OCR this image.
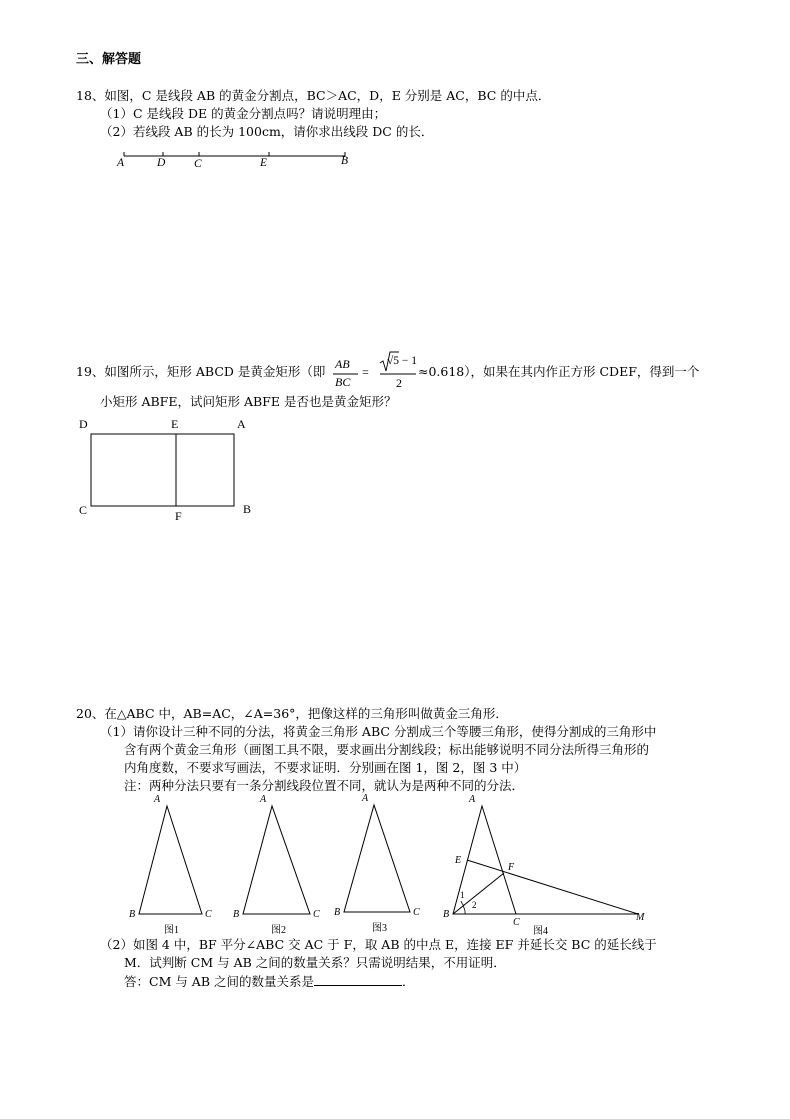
三、解答题
18、如图，C 是线段 AB 的黄金分割点，BC＞AC，D，E 分别是 AC，BC 的中点．
（1）C 是线段 DE 的黄金分割点吗？请说明理由；
（2）若线段 AB 的长为 100cm，请你求出线段 DC 的长．
A	D C	E	B
19、如图所示，矩形 ABCD 是黄金矩形（即 AB
BC
=
√5 − 1
2
≈0.618），如果在其内作正方形 CDEF，得到一个
小矩形 ABFE，试问矩形 ABFE 是否也是黄金矩形？
D	E	A
C	F	B
20、在△ABC 中，AB=AC，∠A=36°，把像这样的三角形叫做黄金三角形．
（1）请你设计三种不同的分法，将黄金三角形 ABC 分割成三个等腰三角形，使得分割成的三角形中
含有两个黄金三角形（画图工具不限，要求画出分割线段；标出能够说明不同分法所得三角形的
内角度数，不要求写画法，不要求证明．分别画在图 1，图 2，图 3 中）
注：两种分法只要有一条分割线段位置不同，就认为是两种不同的分法．
A
B	C
图1
A
B	C
图2
A
B	C
图3
A
E
F
B
C	M
1
2
图4
（2）如图 4 中，BF 平分∠ABC 交 AC 于 F，取 AB 的中点 E，连接 EF 并延长交 BC 的延长线于
M．试判断 CM 与 AB 之间的数量关系？只需说明结果，不用证明．
答：CM 与 AB 之间的数量关系是	．
